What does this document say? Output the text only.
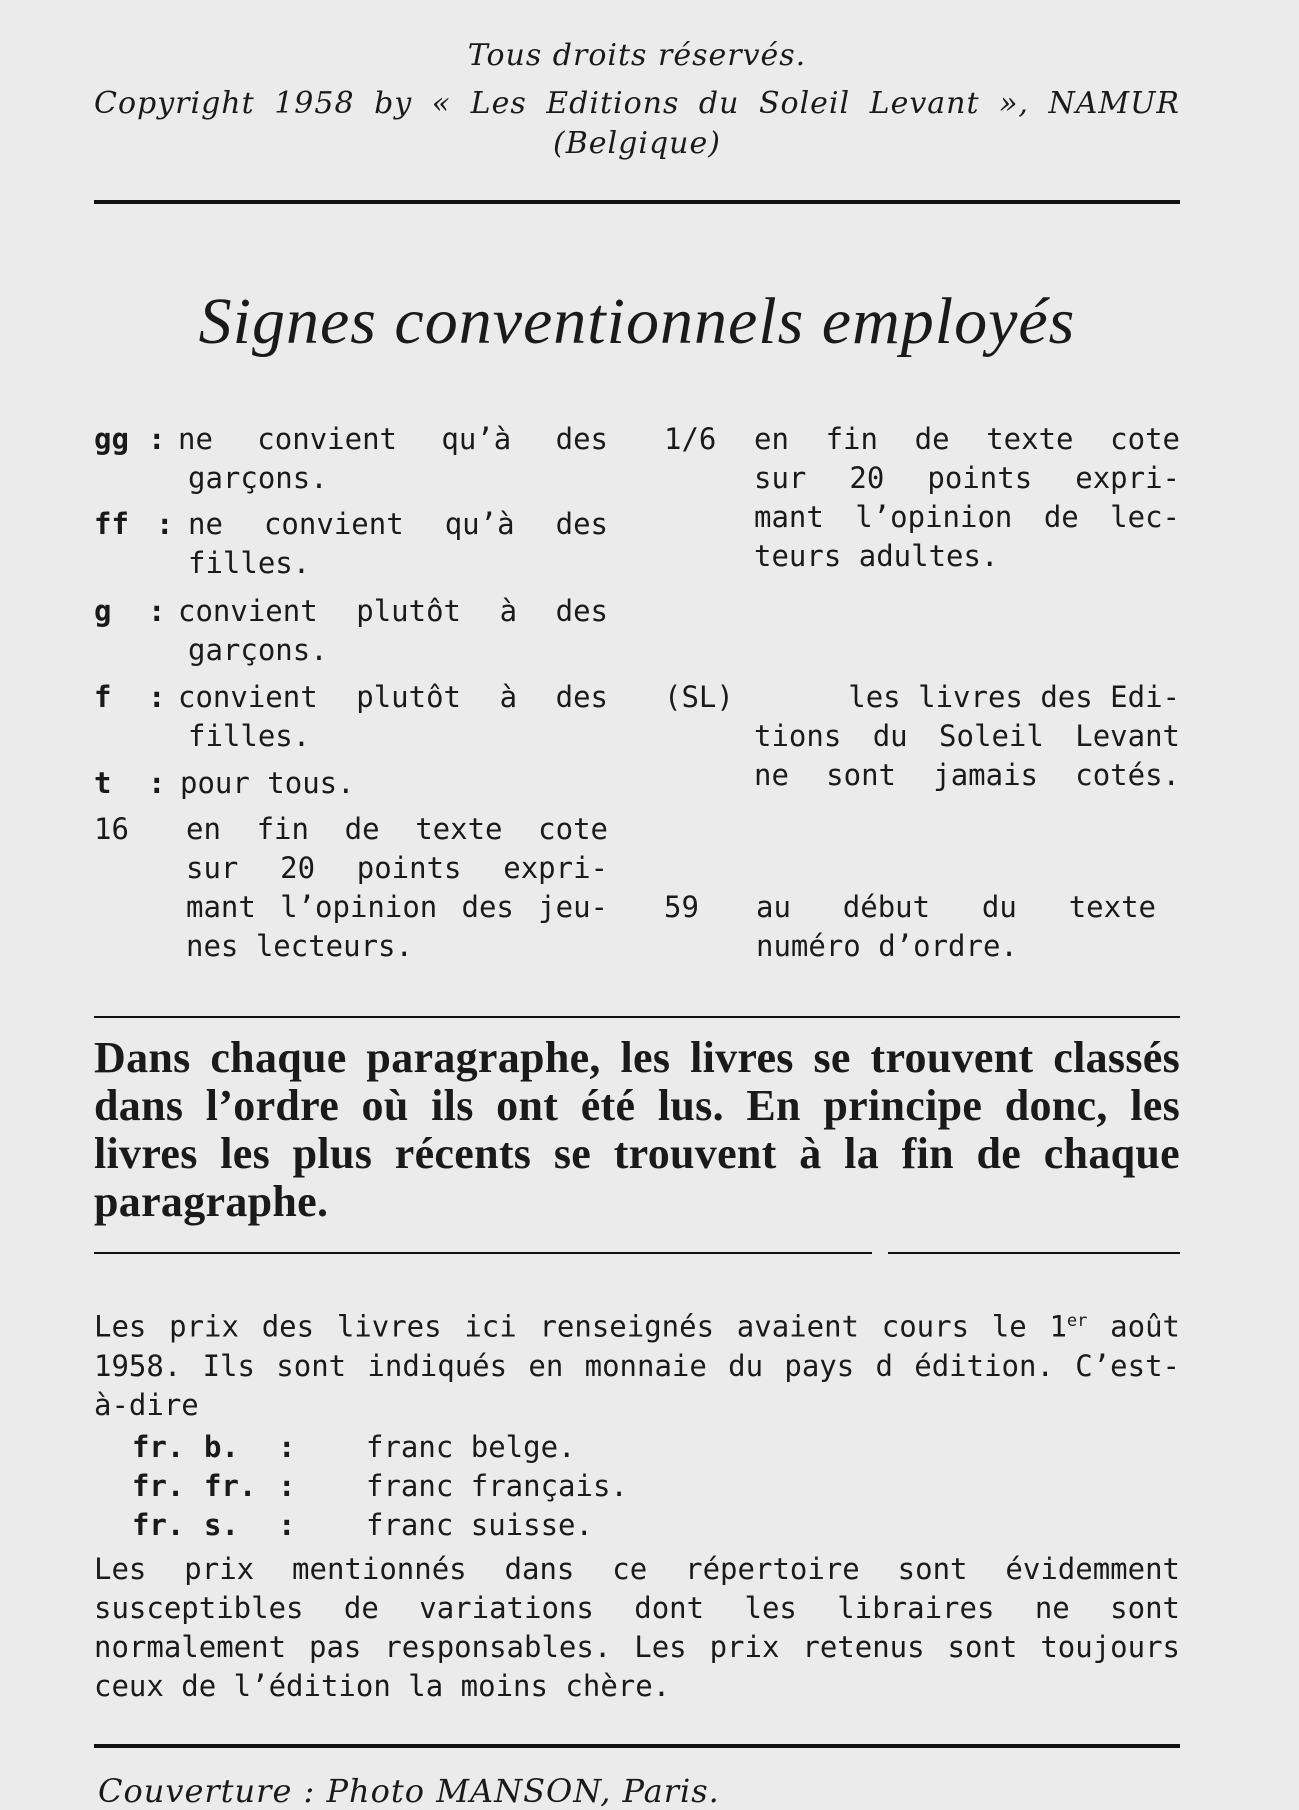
Tous droits réservés.
Copyright 1958 by « Les Editions du Soleil Levant », NAMUR
(Belgique)
Signes conventionnels employés
gg : ne convient qu’à des
garçons.
ff : ne convient qu’à des
filles.
g : convient plutôt à des
garçons.
f : convient plutôt à des
filles.
t : pour tous.
16 en fin de texte cote
sur 20 points expri-
mant l’opinion des jeu-
nes lecteurs.
1/6 en fin de texte cote
sur 20 points expri-
mant l’opinion de lec-
teurs adultes.
(SL)	les livres des Edi-
tions du Soleil Levant
ne sont jamais cotés.
59 au début du texte
numéro d’ordre.
Dans chaque paragraphe, les livres se trouvent classés dans l’ordre où ils ont été lus. En principe donc, les livres les plus récents se trouvent à la fin de chaque paragraphe.
Les prix des livres ici renseignés avaient cours le 1er août
1958. Ils sont indiqués en monnaie du pays d édition. C’est-
à-dire
fr. b. : franc belge.
fr. fr. : franc français.
fr. s. : franc suisse.
Les prix mentionnés dans ce répertoire sont évidemment susceptibles de variations dont les libraires ne sont normalement pas responsables. Les prix retenus sont toujours ceux de l’édition la moins chère.
Couverture : Photo MANSON, Paris.
